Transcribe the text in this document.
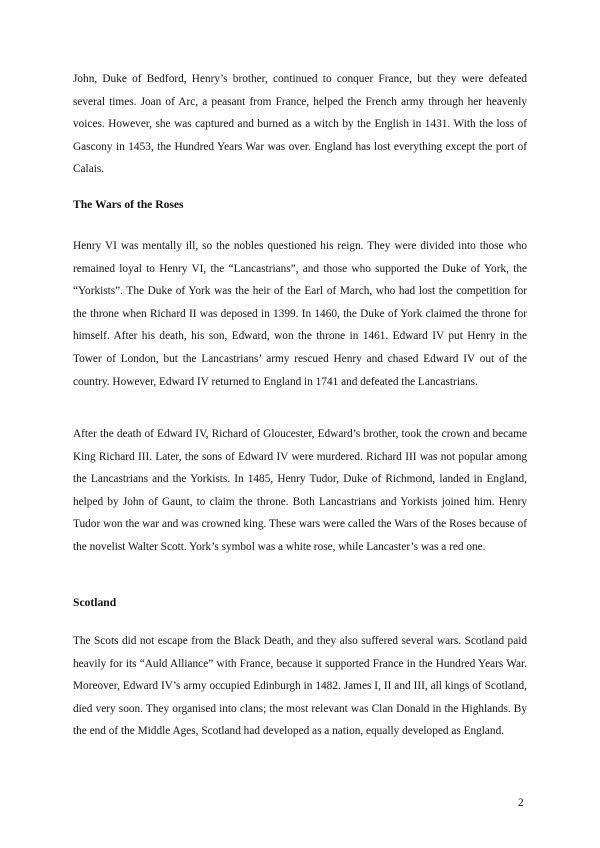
John, Duke of Bedford, Henry’s brother, continued to conquer France, but they were defeated several times. Joan of Arc, a peasant from France, helped the French army through her heavenly voices. However, she was captured and burned as a witch by the English in 1431. With the loss of Gascony in 1453, the Hundred Years War was over. England has lost everything except the port of Calais.

The Wars of the Roses

Henry VI was mentally ill, so the nobles questioned his reign. They were divided into those who remained loyal to Henry VI, the “Lancastrians”, and those who supported the Duke of York, the “Yorkists”. The Duke of York was the heir of the Earl of March, who had lost the competition for the throne when Richard II was deposed in 1399. In 1460, the Duke of York claimed the throne for himself. After his death, his son, Edward, won the throne in 1461. Edward IV put Henry in the Tower of London, but the Lancastrians’ army rescued Henry and chased Edward IV out of the country. However, Edward IV returned to England in 1741 and defeated the Lancastrians.

After the death of Edward IV, Richard of Gloucester, Edward’s brother, took the crown and became King Richard III. Later, the sons of Edward IV were murdered. Richard III was not popular among the Lancastrians and the Yorkists. In 1485, Henry Tudor, Duke of Richmond, landed in England, helped by John of Gaunt, to claim the throne. Both Lancastrians and Yorkists joined him. Henry Tudor won the war and was crowned king. These wars were called the Wars of the Roses because of the novelist Walter Scott. York’s symbol was a white rose, while Lancaster’s was a red one.

Scotland

The Scots did not escape from the Black Death, and they also suffered several wars. Scotland paid heavily for its “Auld Alliance” with France, because it supported France in the Hundred Years War. Moreover, Edward IV’s army occupied Edinburgh in 1482. James I, II and III, all kings of Scotland, died very soon. They organised into clans; the most relevant was Clan Donald in the Highlands. By the end of the Middle Ages, Scotland had developed as a nation, equally developed as England.

2
